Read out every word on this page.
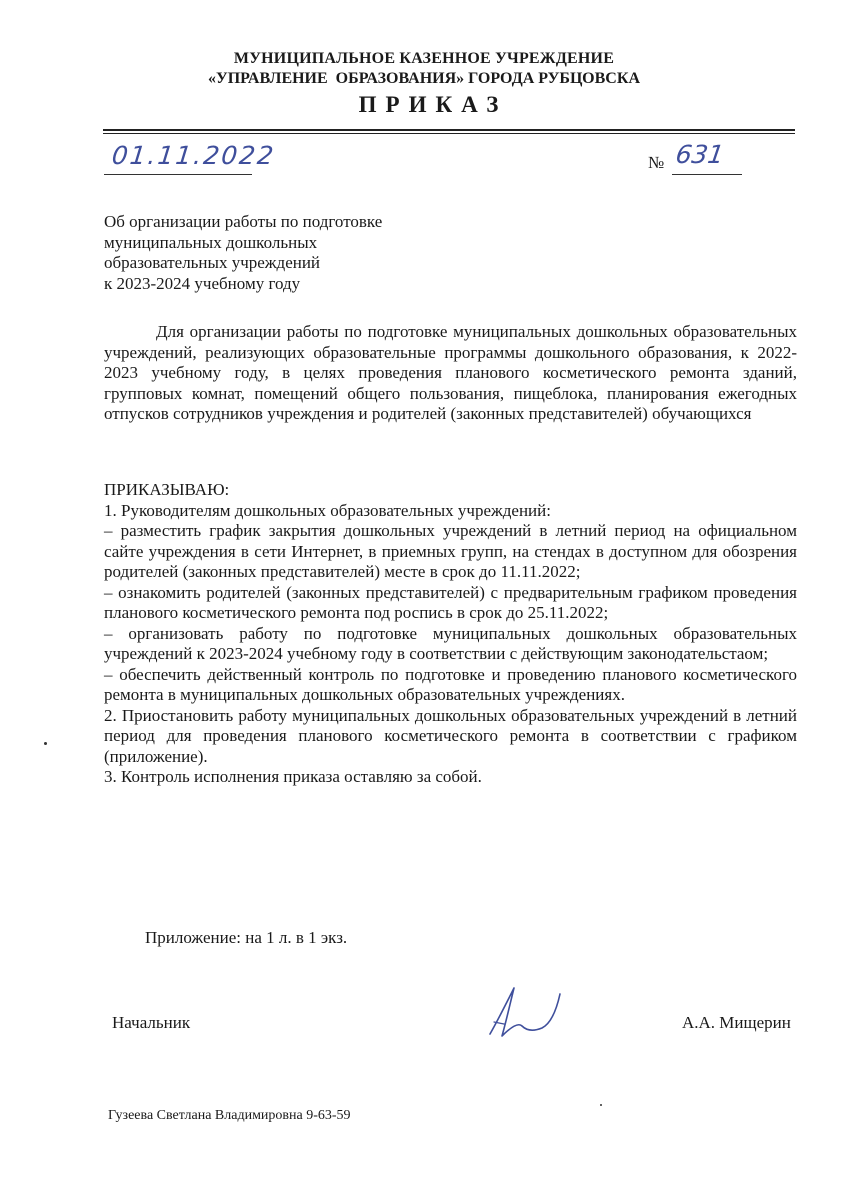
МУНИЦИПАЛЬНОЕ КАЗЕННОЕ УЧРЕЖДЕНИЕ
«УПРАВЛЕНИЕ  ОБРАЗОВАНИЯ» ГОРОДА РУБЦОВСКА
ПРИКАЗ
01.11.2022	№ 631
Об организации работы по подготовке
муниципальных дошкольных
образовательных учреждений
к 2023-2024 учебному году
Для организации работы по подготовке муниципальных дошкольных образовательных учреждений, реализующих образовательные программы дошкольного образования, к 2022-2023 учебному году, в целях проведения планового косметического ремонта зданий, групповых комнат, помещений общего пользования, пищеблока, планирования ежегодных отпусков сотрудников учреждения и родителей (законных представителей) обучающихся

ПРИКАЗЫВАЮ:

1. Руководителям дошкольных образовательных учреждений:

– разместить график закрытия дошкольных учреждений в летний период на официальном сайте учреждения в сети Интернет, в приемных групп, на стендах в доступном для обозрения родителей (законных представителей) месте в срок до 11.11.2022;

– ознакомить родителей (законных представителей) с предварительным графиком проведения планового косметического ремонта под роспись в срок до 25.11.2022;

– организовать работу по подготовке муниципальных дошкольных образовательных учреждений к 2023-2024 учебному году в соответствии с действующим законодательстаом;

– обеспечить действенный контроль по подготовке и проведению планового косметического ремонта в муниципальных дошкольных образовательных учреждениях.

2. Приостановить работу муниципальных дошкольных образовательных учреждений в летний период для проведения планового косметического ремонта в соответствии с графиком (приложение).

3. Контроль исполнения приказа оставляю за собой.

Приложение: на 1 л. в 1 экз.
Начальник	А.А. Мищерин
Гузеева Светлана Владимировна 9-63-59
